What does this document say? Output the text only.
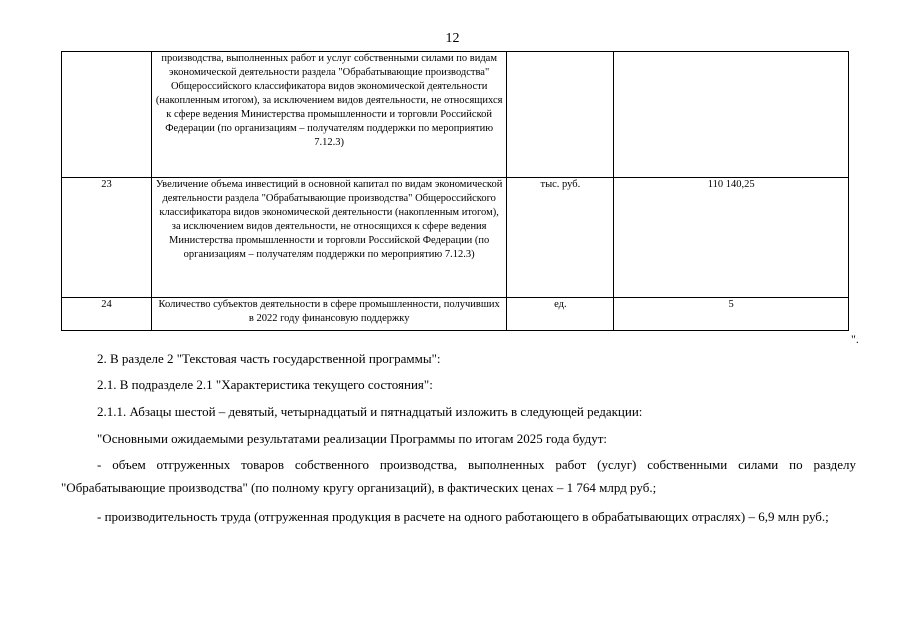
12
	производства, выполненных работ и услуг собственными силами по видам экономической деятельности раздела "Обрабатывающие производства" Общероссийского классификатора видов экономической деятельности (накопленным итогом), за исключением видов деятельности, не относящихся к сфере ведения Министерства промышленности и торговли Российской Федерации (по организациям – получателям поддержки по мероприятию 7.12.3)		
23	Увеличение объема инвестиций в основной капитал по видам экономической деятельности раздела "Обрабатывающие производства" Общероссийского классификатора видов экономической деятельности (накопленным итогом), за исключением видов деятельности, не относящихся к сфере ведения Министерства промышленности и торговли Российской Федерации (по организациям – получателям поддержки по мероприятию 7.12.3)	тыс. руб.	110 140,25
24	Количество субъектов деятельности в сфере промышленности, получивших в 2022 году финансовую поддержку	ед.	5
".
2. В разделе 2 "Текстовая часть государственной программы":
2.1. В подразделе 2.1 "Характеристика текущего состояния":
2.1.1. Абзацы шестой – девятый, четырнадцатый и пятнадцатый изложить в следующей редакции:
"Основными ожидаемыми результатами реализации Программы по итогам 2025 года будут:
- объем отгруженных товаров собственного производства, выполненных работ (услуг) собственными силами по разделу "Обрабатывающие производства" (по полному кругу организаций), в фактических ценах – 1 764 млрд руб.;
- производительность труда (отгруженная продукция в расчете на одного работающего в обрабатывающих отраслях) – 6,9 млн руб.;
